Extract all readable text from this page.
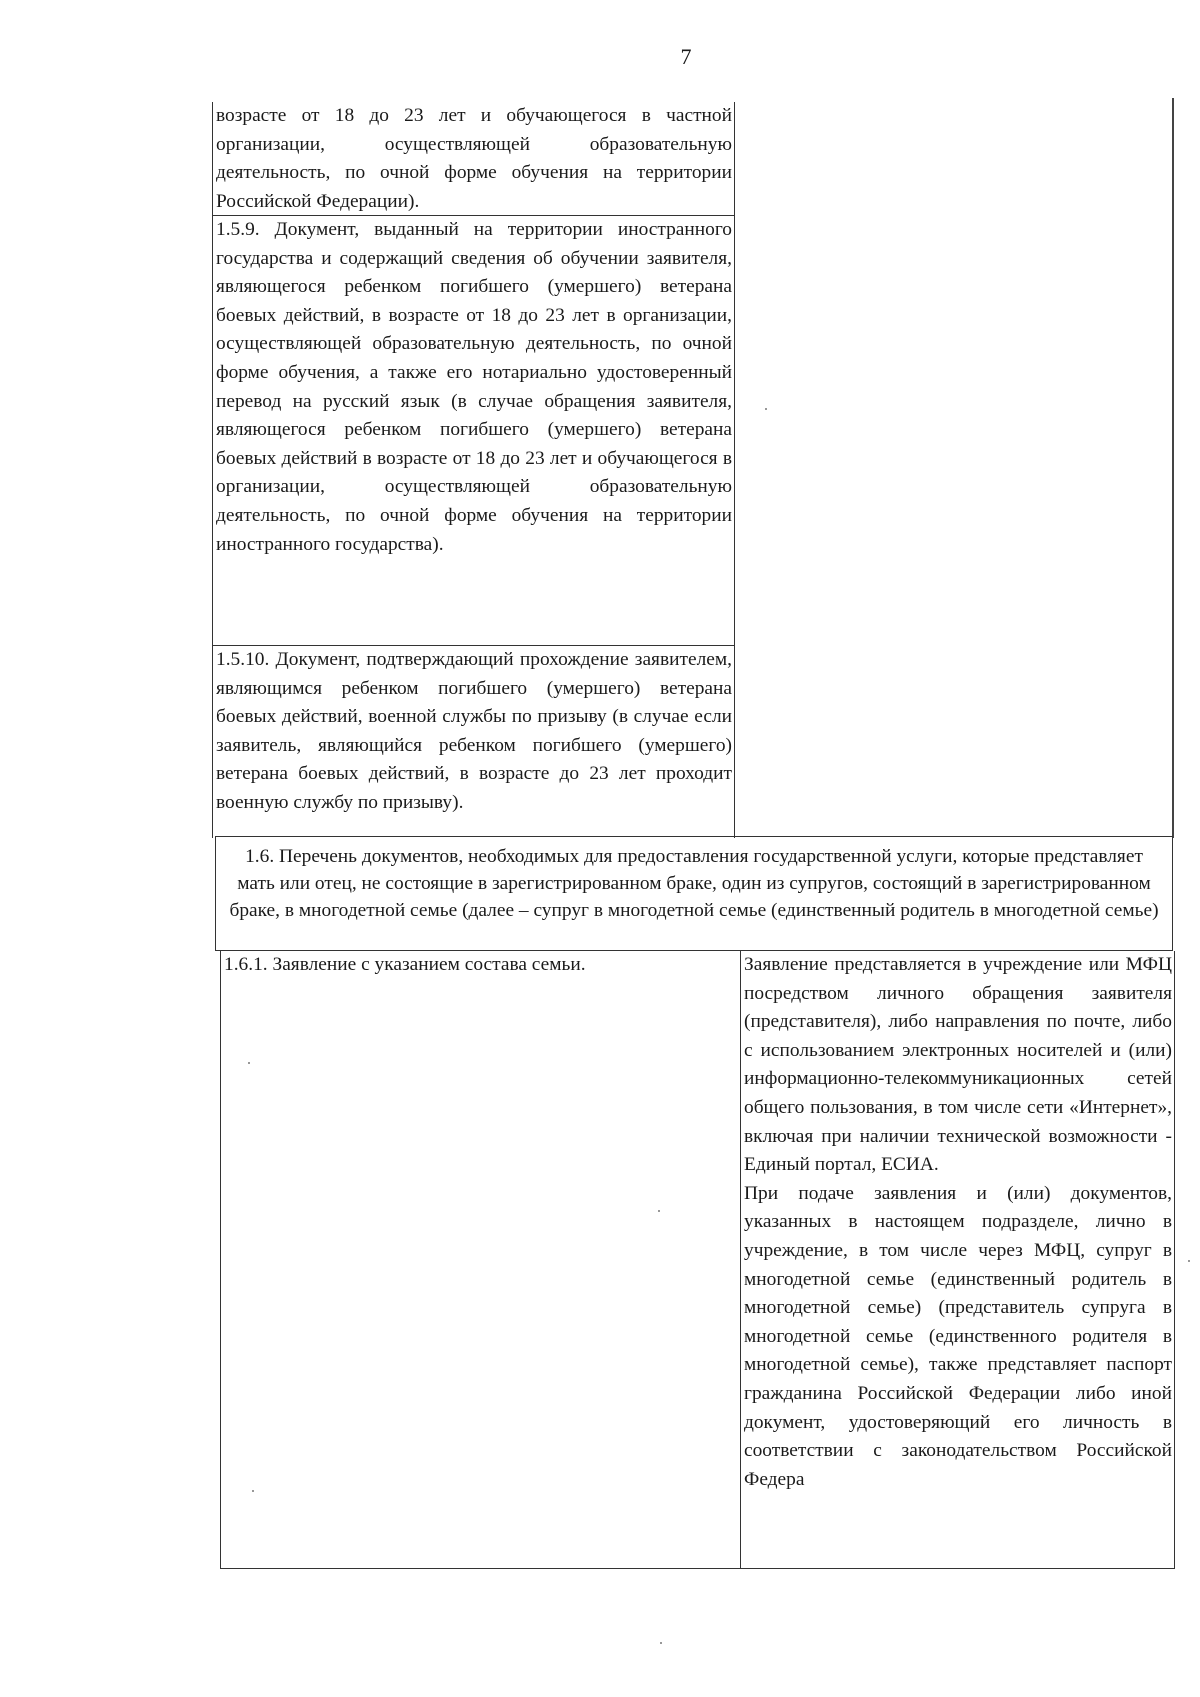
7
возрасте от 18 до 23 лет и обучающегося в частной организации, осуществляющей образовательную деятельность, по очной форме обучения на территории Российской Федерации).
1.5.9. Документ, выданный на территории иностранного государства и содержащий сведения об обучении заявителя, являющегося ребенком погибшего (умершего) ветерана боевых действий, в возрасте от 18 до 23 лет в организации, осуществляющей образовательную деятельность, по очной форме обучения, а также его нотариально удостоверенный перевод на русский язык (в случае обращения заявителя, являющегося ребенком погибшего (умершего) ветерана боевых действий в возрасте от 18 до 23 лет и обучающегося в организации, осуществляющей образовательную деятельность, по очной форме обучения на территории иностранного государства).
1.5.10. Документ, подтверждающий прохождение заявителем, являющимся ребенком погибшего (умершего) ветерана боевых действий, военной службы по призыву (в случае если заявитель, являющийся ребенком погибшего (умершего) ветерана боевых действий, в возрасте до 23 лет проходит военную службу по призыву).
1.6. Перечень документов, необходимых для предоставления государственной услуги, которые представляет мать или отец, не состоящие в зарегистрированном браке, один из супругов, состоящий в зарегистрированном браке, в многодетной семье (далее – супруг в многодетной семье (единственный родитель в многодетной семье)
1.6.1. Заявление с указанием состава семьи.	Заявление представляется в учреждение или МФЦ посредством личного обращения заявителя (представителя), либо направления по почте, либо с использованием электронных носителей и (или) информационно-телекоммуникационных сетей общего пользования, в том числе сети «Интернет», включая при наличии технической возможности - Единый портал, ЕСИА.
При подаче заявления и (или) документов, указанных в настоящем подразделе, лично в учреждение, в том числе через МФЦ, супруг в многодетной семье (единственный родитель в многодетной семье) (представитель супруга в многодетной семье (единственного родителя в многодетной семье), также представляет паспорт гражданина Российской Федерации либо иной документ, удостоверяющий его личность в соответствии с законодательством Российской Федера
